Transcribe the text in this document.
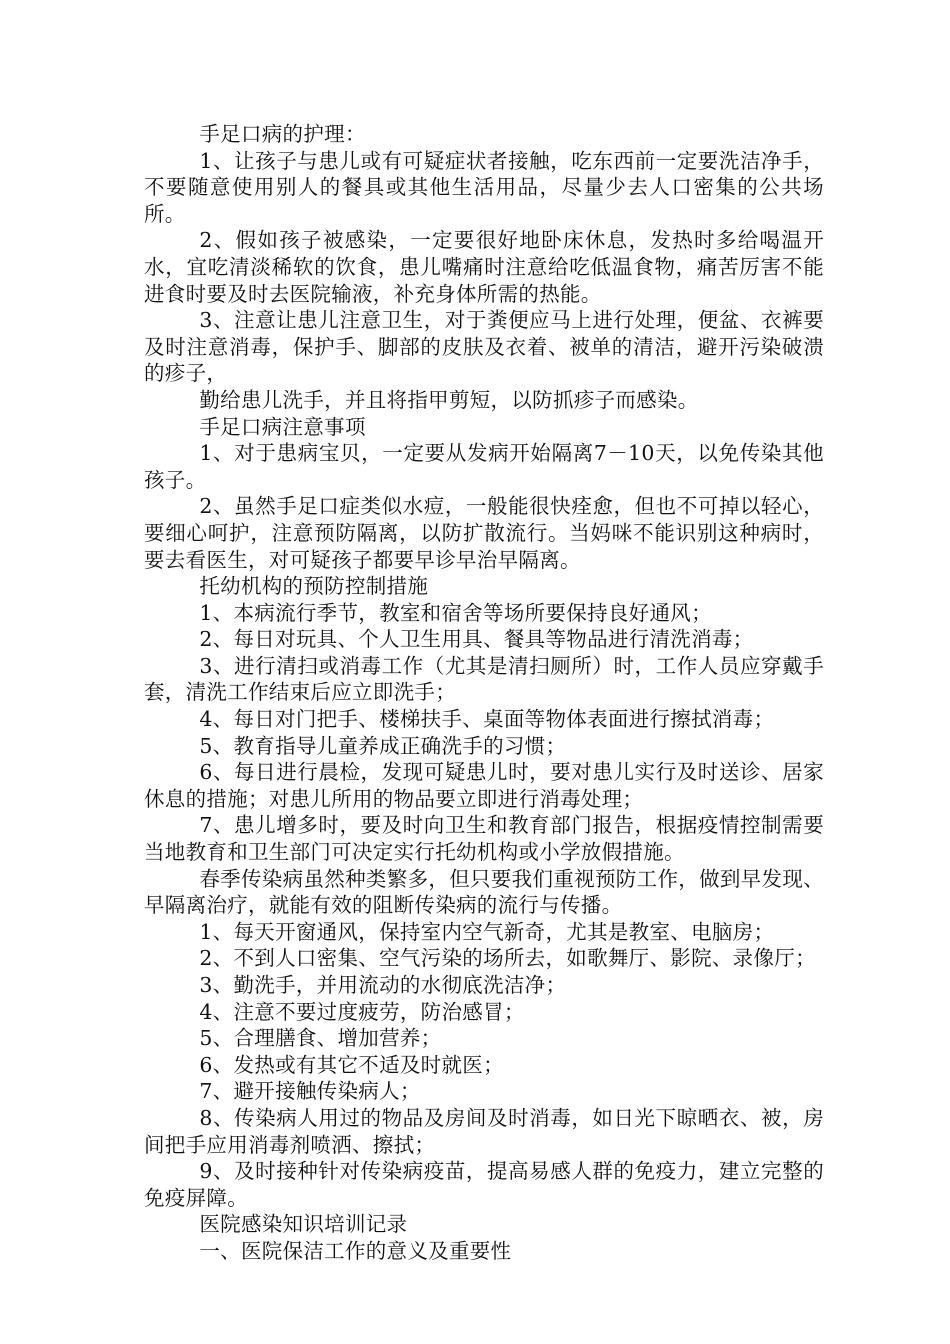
手足口病的护理：

1、让孩子与患儿或有可疑症状者接触，吃东西前一定要洗洁净手，不要随意使用别人的餐具或其他生活用品，尽量少去人口密集的公共场所。

2、假如孩子被感染，一定要很好地卧床休息，发热时多给喝温开水，宜吃清淡稀软的饮食，患儿嘴痛时注意给吃低温食物，痛苦厉害不能进食时要及时去医院输液，补充身体所需的热能。

3、注意让患儿注意卫生，对于粪便应马上进行处理，便盆、衣裤要及时注意消毒，保护手、脚部的皮肤及衣着、被单的清洁，避开污染破溃的疹子，

勤给患儿洗手，并且将指甲剪短，以防抓疹子而感染。

手足口病注意事项

1、对于患病宝贝，一定要从发病开始隔离7－10天，以免传染其他孩子。

2、虽然手足口症类似水痘，一般能很快痊愈，但也不可掉以轻心，要细心呵护，注意预防隔离，以防扩散流行。当妈咪不能识别这种病时，要去看医生，对可疑孩子都要早诊早治早隔离。

托幼机构的预防控制措施

1、本病流行季节，教室和宿舍等场所要保持良好通风；

2、每日对玩具、个人卫生用具、餐具等物品进行清洗消毒；

3、进行清扫或消毒工作（尤其是清扫厕所）时，工作人员应穿戴手套，清洗工作结束后应立即洗手；

4、每日对门把手、楼梯扶手、桌面等物体表面进行擦拭消毒；

5、教育指导儿童养成正确洗手的习惯；

6、每日进行晨检，发现可疑患儿时，要对患儿实行及时送诊、居家休息的措施；对患儿所用的物品要立即进行消毒处理；

7、患儿增多时，要及时向卫生和教育部门报告，根据疫情控制需要当地教育和卫生部门可决定实行托幼机构或小学放假措施。

春季传染病虽然种类繁多，但只要我们重视预防工作，做到早发现、早隔离治疗，就能有效的阻断传染病的流行与传播。

1、每天开窗通风，保持室内空气新奇，尤其是教室、电脑房；

2、不到人口密集、空气污染的场所去，如歌舞厅、影院、录像厅；

3、勤洗手，并用流动的水彻底洗洁净；

4、注意不要过度疲劳，防治感冒；

5、合理膳食、增加营养；

6、发热或有其它不适及时就医；

7、避开接触传染病人；

8、传染病人用过的物品及房间及时消毒，如日光下晾晒衣、被，房间把手应用消毒剂喷洒、擦拭；

9、及时接种针对传染病疫苗，提高易感人群的免疫力，建立完整的免疫屏障。

医院感染知识培训记录

一、医院保洁工作的意义及重要性
